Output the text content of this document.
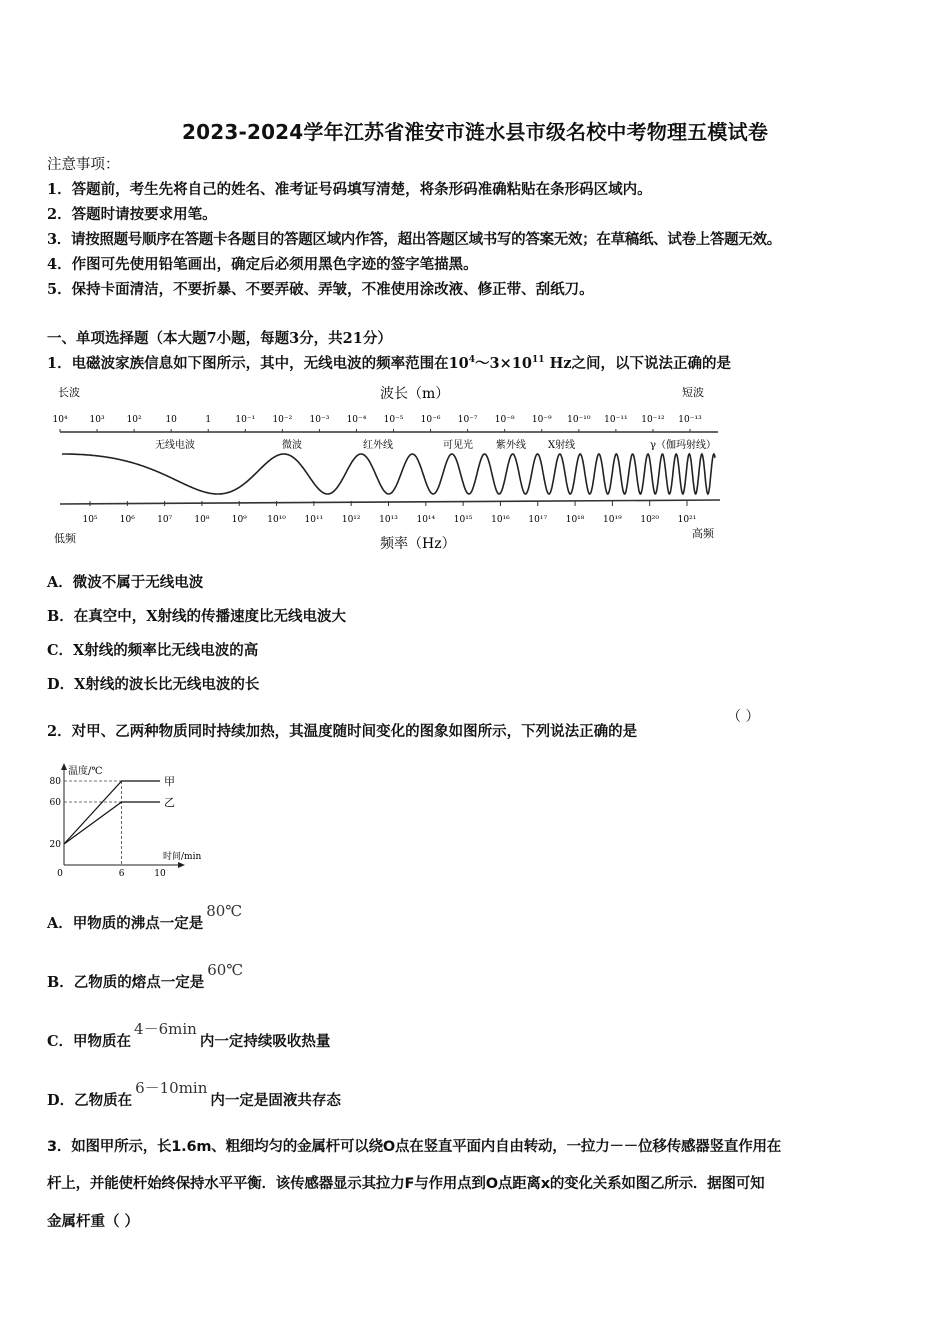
2023-2024学年江苏省淮安市涟水县市级名校中考物理五模试卷
注意事项：
1．答题前，考生先将自己的姓名、准考证号码填写清楚，将条形码准确粘贴在条形码区域内。
2．答题时请按要求用笔。
3．请按照题号顺序在答题卡各题目的答题区域内作答，超出答题区域书写的答案无效；在草稿纸、试卷上答题无效。
4．作图可先使用铅笔画出，确定后必须用黑色字迹的签字笔描黑。
5．保持卡面清洁，不要折暴、不要弄破、弄皱，不准使用涂改液、修正带、刮纸刀。
一、单项选择题（本大题7小题，每题3分，共21分）
1．电磁波家族信息如下图所示，其中，无线电波的频率范围在$10^4\sim 3\times 10^{11}$ Hz之间，以下说法正确的是
长波	波长（m）	短波
10⁴ 10³ 10²	10	1	10⁻¹ 10⁻² 10⁻³ 10⁻⁴ 10⁻⁵ 10⁻⁶ 10⁻⁷ 10⁻⁸ 10⁻⁹ 10⁻¹⁰ 10⁻¹¹ 10⁻¹² 10⁻¹³
无线电波	微波	红外线	可见光 紫外线 X射线	γ（伽玛射线）
10⁵ 10⁶ 10⁷ 10⁸ 10⁹ 10¹⁰ 10¹¹ 10¹² 10¹³ 10¹⁴ 10¹⁵ 10¹⁶ 10¹⁷ 10¹⁸ 10¹⁹ 10²⁰ 10²¹
低频	频率（Hz）
高频
A．微波不属于无线电波
B．在真空中，X射线的传播速度比无线电波大
C．X射线的频率比无线电波的高
D．X射线的波长比无线电波的长
2．对甲、乙两种物质同时持续加热，其温度随时间变化的图象如图所示，下列说法正确的是
（ ）
温度/℃
时间/min
20
60
80
0	6	10
甲
乙
A．甲物质的沸点一定是80℃
B．乙物质的熔点一定是60℃
C．甲物质在4－6min内一定持续吸收热量
D．乙物质在6－10min内一定是固液共存态
3．如图甲所示，长1.6m、粗细均匀的金属杆可以绕O点在竖直平面内自由转动，一拉力－－位移传感器竖直作用在
杆上，并能使杆始终保持水平平衡．该传感器显示其拉力F与作用点到O点距离x的变化关系如图乙所示．据图可知
金属杆重（ ）
